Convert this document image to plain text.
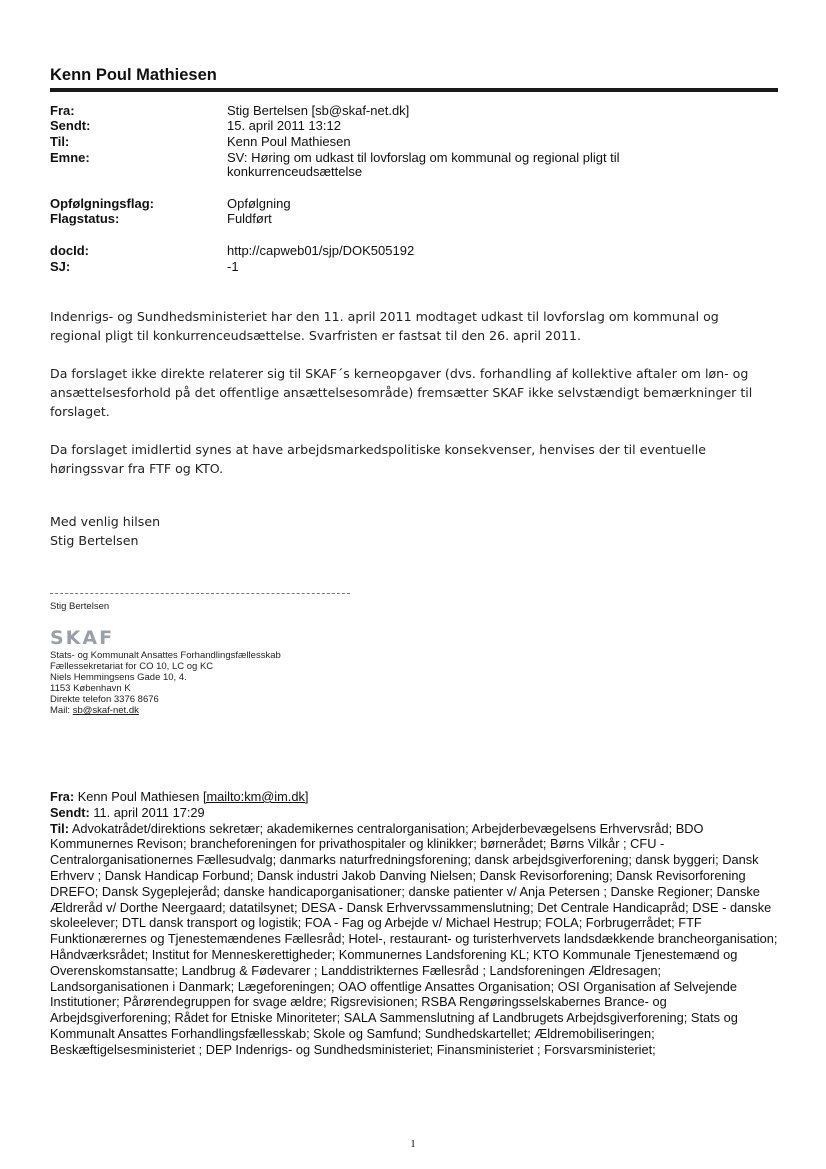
Kenn Poul Mathiesen
Fra:	Stig Bertelsen [sb@skaf-net.dk]
Sendt:	15. april 2011 13:12
Til:	Kenn Poul Mathiesen
Emne:	SV: Høring om udkast til lovforslag om kommunal og regional pligt til konkurrenceudsættelse
Opfølgningsflag:	Opfølgning
Flagstatus:	Fuldført
docId:	http://capweb01/sjp/DOK505192
SJ:	-1

Indenrigs- og Sundhedsministeriet har den 11. april 2011 modtaget udkast til lovforslag om kommunal og regional pligt til konkurrenceudsættelse. Svarfristen er fastsat til den 26. april 2011.

Da forslaget ikke direkte relaterer sig til SKAF´s kerneopgaver (dvs. forhandling af kollektive aftaler om løn- og ansættelsesforhold på det offentlige ansættelsesområde) fremsætter SKAF ikke selvstændigt bemærkninger til forslaget.

Da forslaget imidlertid synes at have arbejdsmarkedspolitiske konsekvenser, henvises der til eventuelle høringssvar fra FTF og KTO.

Med venlig hilsen
Stig Bertelsen
Stig Bertelsen
SKAF
Stats- og Kommunalt Ansattes Forhandlingsfællesskab
Fællessekretariat for CO 10, LC og KC
Niels Hemmingsens Gade 10, 4.
1153 København K
Direkte telefon 3376 8676
Mail: sb@skaf-net.dk
Fra: Kenn Poul Mathiesen [mailto:km@im.dk]
Sendt: 11. april 2011 17:29
Til: Advokatrådet/direktions sekretær; akademikernes centralorganisation; Arbejderbevægelsens Erhvervsråd; BDO Kommunernes Revison; brancheforeningen for privathospitaler og klinikker; børnerådet; Børns Vilkår ; CFU - Centralorganisationernes Fællesudvalg; danmarks naturfredningsforening; dansk arbejdsgiverforening; dansk byggeri; Dansk Erhverv ; Dansk Handicap Forbund; Dansk industri Jakob Danving Nielsen; Dansk Revisorforening; Dansk Revisorforening DREFO; Dansk Sygeplejeråd; danske handicaporganisationer; danske patienter v/ Anja Petersen ; Danske Regioner; Danske Ældreråd v/ Dorthe Neergaard; datatilsynet; DESA - Dansk Erhvervssammenslutning; Det Centrale Handicapråd; DSE - danske skoleelever; DTL dansk transport og logistik; FOA - Fag og Arbejde v/ Michael Hestrup; FOLA; Forbrugerrådet; FTF Funktionærernes og Tjenestemændenes Fællesråd; Hotel-, restaurant- og turisterhvervets landsdækkende brancheorganisation; Håndværksrådet; Institut for Menneskerettigheder; Kommunernes Landsforening KL; KTO Kommunale Tjenestemænd og Overenskomstansatte; Landbrug & Fødevarer ; Landdistrikternes Fællesråd ; Landsforeningen Ældresagen; Landsorganisationen i Danmark; Lægeforeningen; OAO offentlige Ansattes Organisation; OSI Organisation af Selvejende Institutioner; Pårørendegruppen for svage ældre; Rigsrevisionen; RSBA Rengøringsselskabernes Brance- og Arbejdsgiverforening; Rådet for Etniske Minoriteter; SALA Sammenslutning af Landbrugets Arbejdsgiverforening; Stats og Kommunalt Ansattes Forhandlingsfællesskab; Skole og Samfund; Sundhedskartellet; Ældremobiliseringen; Beskæftigelsesministeriet ; DEP Indenrigs- og Sundhedsministeriet; Finansministeriet ; Forsvarsministeriet;
1
